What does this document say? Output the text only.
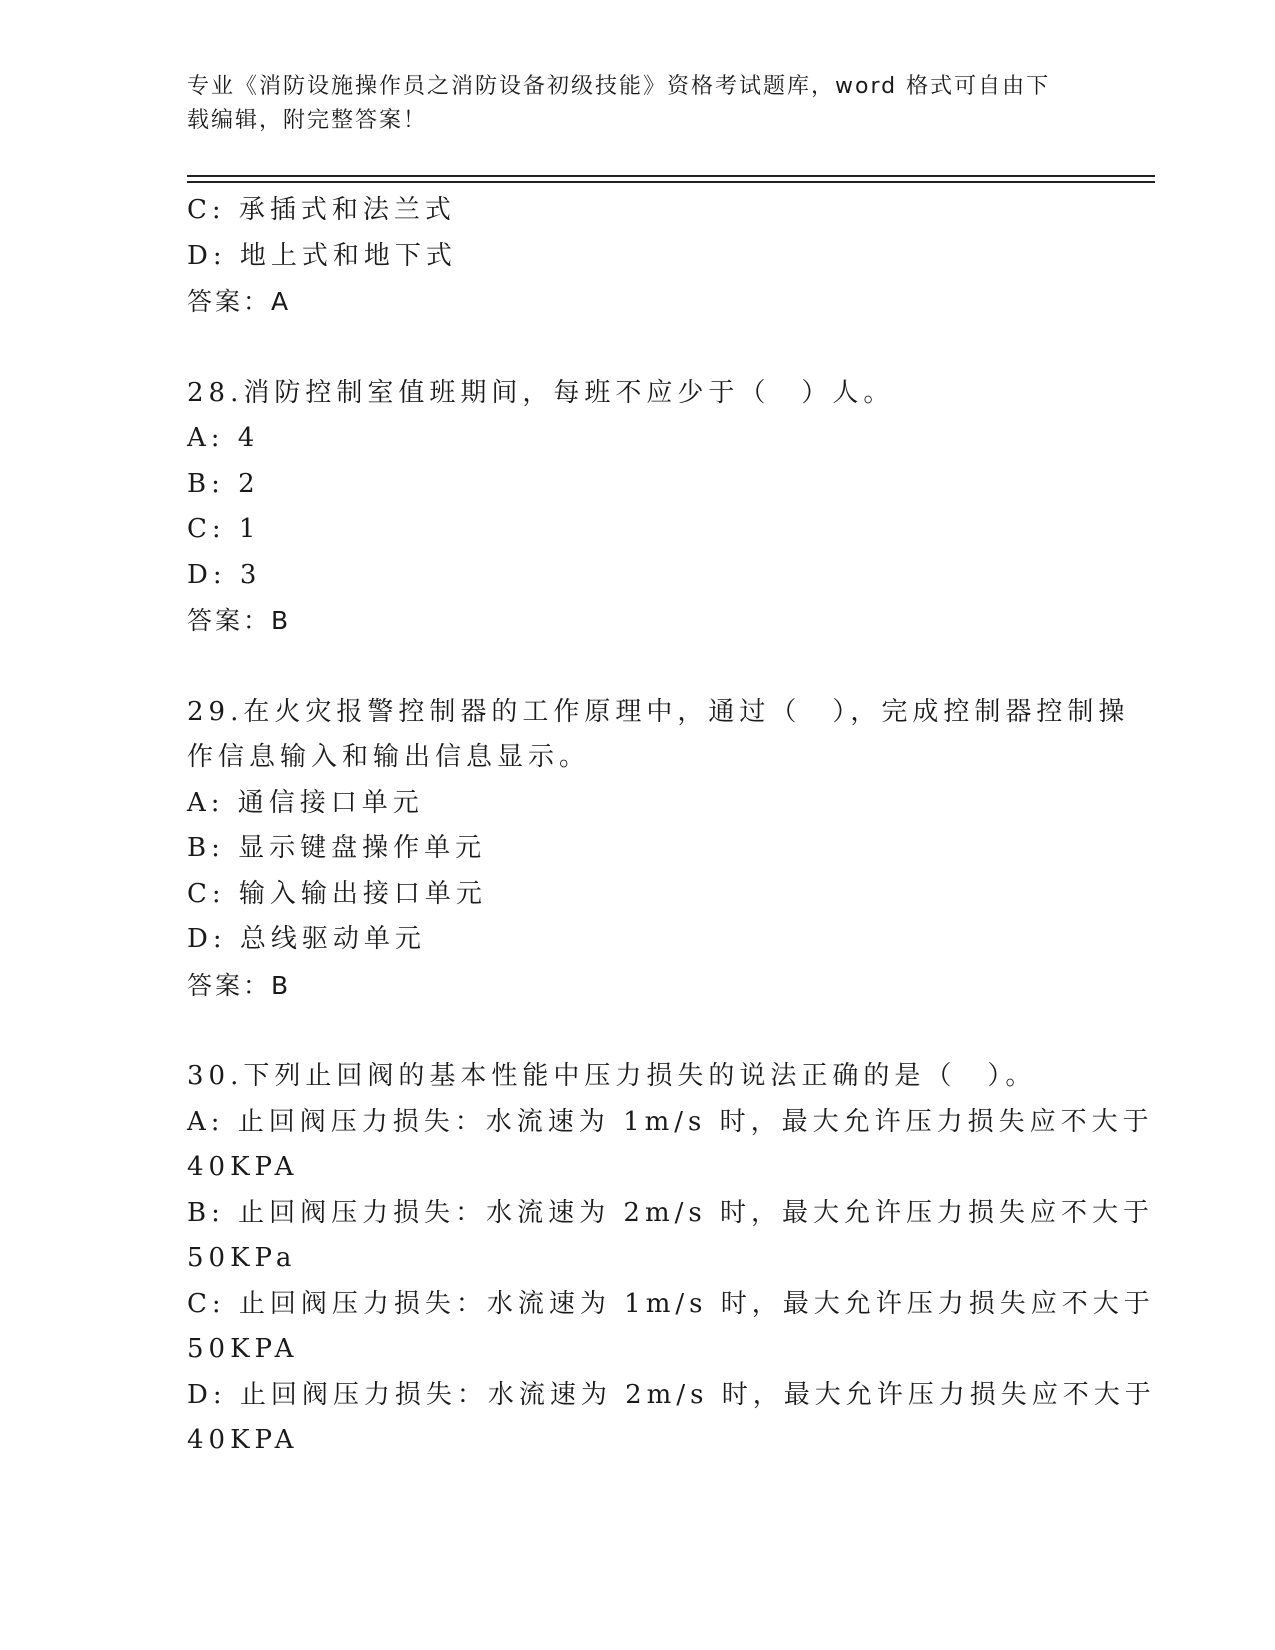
专业《消防设施操作员之消防设备初级技能》资格考试题库，word 格式可自由下
载编辑，附完整答案！
C: 承插式和法兰式
D: 地上式和地下式
答案：A
28.消防控制室值班期间，每班不应少于（　）人。
A: 4
B: 2
C: 1
D: 3
答案：B
29.在火灾报警控制器的工作原理中，通过（　），完成控制器控制操
作信息输入和输出信息显示。
A: 通信接口单元
B: 显示键盘操作单元
C: 输入输出接口单元
D: 总线驱动单元
答案：B
30.下列止回阀的基本性能中压力损失的说法正确的是（　）。
A: 止回阀压力损失：水流速为 1m/s 时，最大允许压力损失应不大于
40KPA
B: 止回阀压力损失：水流速为 2m/s 时，最大允许压力损失应不大于
50KPa
C: 止回阀压力损失：水流速为 1m/s 时，最大允许压力损失应不大于
50KPA
D: 止回阀压力损失：水流速为 2m/s 时，最大允许压力损失应不大于
40KPA
